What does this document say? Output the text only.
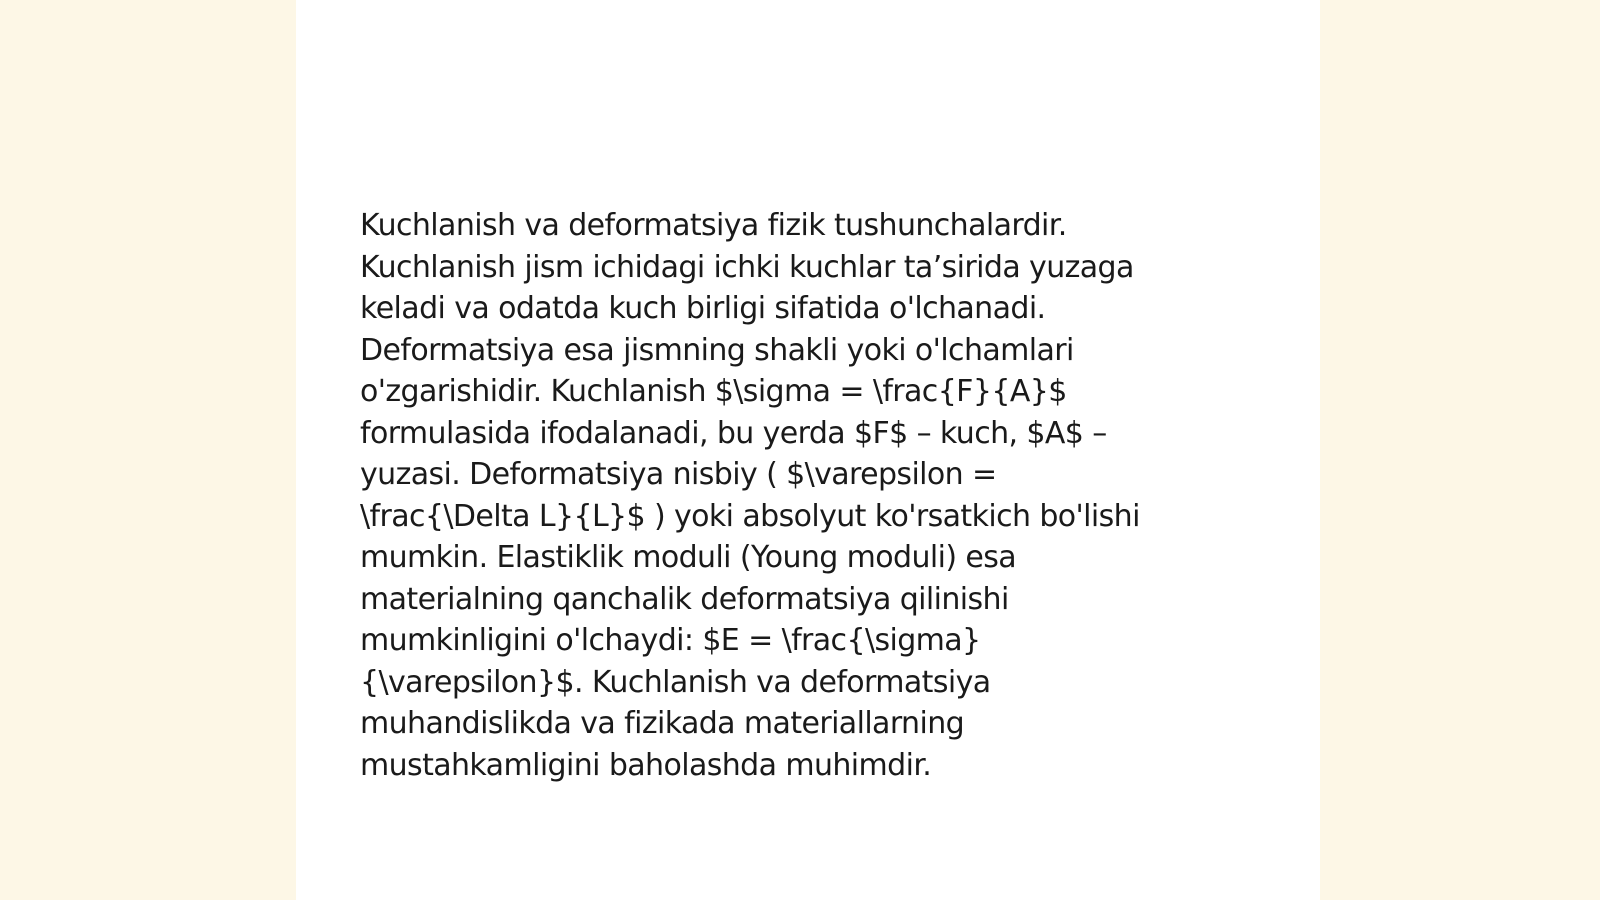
Kuchlanish va deformatsiya fizik tushunchalardir.
Kuchlanish jism ichidagi ichki kuchlar ta’sirida yuzaga
keladi va odatda kuch birligi sifatida o'lchanadi.
Deformatsiya esa jismning shakli yoki o'lchamlari
o'zgarishidir. Kuchlanish $\sigma = \frac{F}{A}$
formulasida ifodalanadi, bu yerda $F$ – kuch, $A$ –
yuzasi. Deformatsiya nisbiy ( $\varepsilon =
\frac{\Delta L}{L}$ ) yoki absolyut ko'rsatkich bo'lishi
mumkin. Elastiklik moduli (Young moduli) esa
materialning qanchalik deformatsiya qilinishi
mumkinligini o'lchaydi: $E = \frac{\sigma}
{\varepsilon}$. Kuchlanish va deformatsiya
muhandislikda va fizikada materiallarning
mustahkamligini baholashda muhimdir.
